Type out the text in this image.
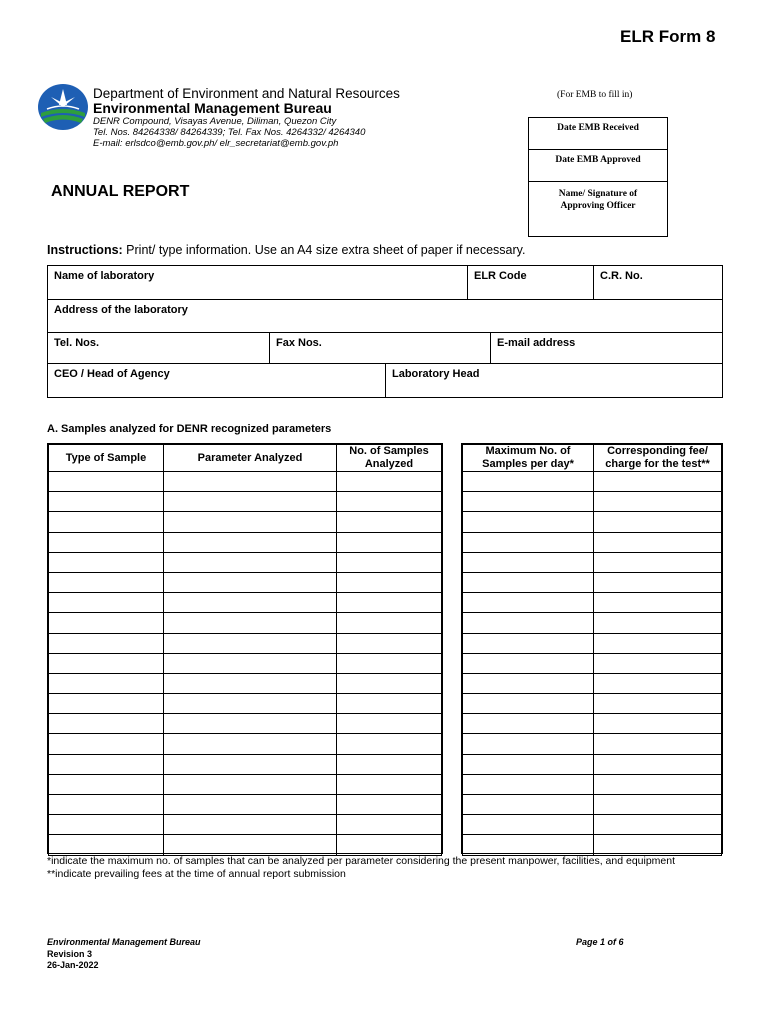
ELR Form 8
Department of Environment and Natural Resources
Environmental Management Bureau
DENR Compound, Visayas Avenue, Diliman, Quezon City
Tel. Nos. 84264338/ 84264339; Tel. Fax Nos. 4264332/ 4264340
E-mail: erlsdco@emb.gov.ph/ elr_secretariat@emb.gov.ph
(For EMB to fill in)
Date EMB Received
Date EMB Approved
Name/ Signature of Approving Officer
ANNUAL REPORT
Instructions: Print/ type information. Use an A4 size extra sheet of paper if necessary.
Name of laboratory	ELR Code	C.R. No.
Address of the laboratory
Tel. Nos.	Fax Nos.	E-mail address
CEO / Head of Agency	Laboratory Head
A. Samples analyzed for DENR recognized parameters
Type of Sample	Parameter Analyzed	No. of Samples Analyzed

Maximum No. of Samples per day*	Corresponding fee/ charge for the test**

*indicate the maximum no. of samples that can be analyzed per parameter considering the present manpower, facilities, and equipment
**indicate prevailing fees at the time of annual report submission
Environmental Management Bureau
Revision 3
26-Jan-2022
Page 1 of 6
